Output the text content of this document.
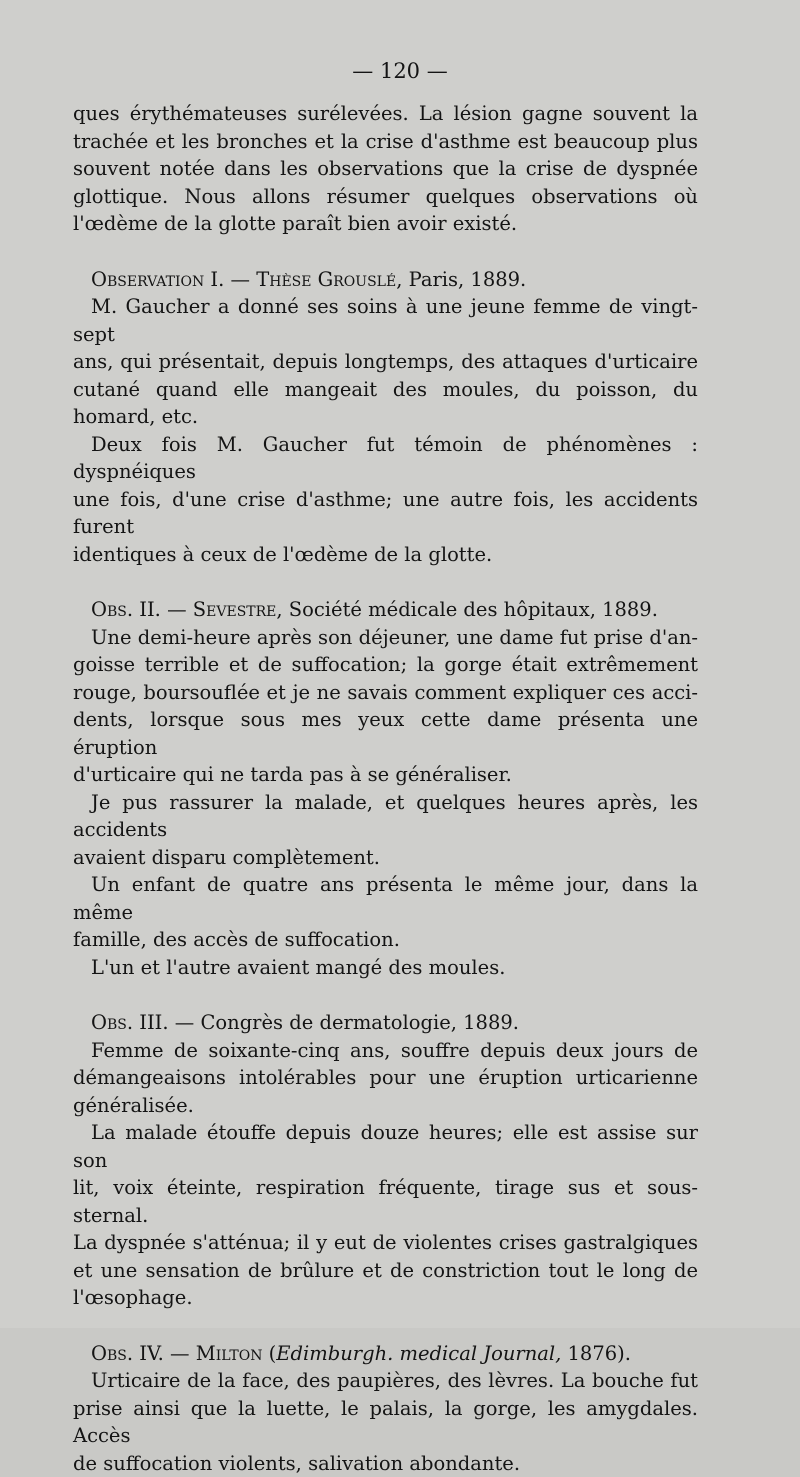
— 120 —

ques érythémateuses surélevées. La lésion gagne souvent la

trachée et les bronches et la crise d'asthme est beaucoup plus

souvent notée dans les observations que la crise de dyspnée

glottique. Nous allons résumer quelques observations où

l'œdème de la glotte paraît bien avoir existé.

Observation I. — Thèse Grouslé, Paris, 1889.

M. Gaucher a donné ses soins à une jeune femme de vingt-sept

ans, qui présentait, depuis longtemps, des attaques d'urticaire

cutané quand elle mangeait des moules, du poisson, du

homard, etc.

Deux fois M. Gaucher fut témoin de phénomènes : dyspnéiques

une fois, d'une crise d'asthme; une autre fois, les accidents furent

identiques à ceux de l'œdème de la glotte.

Obs. II. — Sevestre, Société médicale des hôpitaux, 1889.

Une demi-heure après son déjeuner, une dame fut prise d'an-

goisse terrible et de suffocation; la gorge était extrêmement

rouge, boursouflée et je ne savais comment expliquer ces acci-

dents, lorsque sous mes yeux cette dame présenta une éruption

d'urticaire qui ne tarda pas à se généraliser.

Je pus rassurer la malade, et quelques heures après, les accidents

avaient disparu complètement.

Un enfant de quatre ans présenta le même jour, dans la même

famille, des accès de suffocation.

L'un et l'autre avaient mangé des moules.

Obs. III. — Congrès de dermatologie, 1889.

Femme de soixante-cinq ans, souffre depuis deux jours de

démangeaisons intolérables pour une éruption urticarienne

généralisée.

La malade étouffe depuis douze heures; elle est assise sur son

lit, voix éteinte, respiration fréquente, tirage sus et sous-sternal.

La dyspnée s'atténua; il y eut de violentes crises gastralgiques

et une sensation de brûlure et de constriction tout le long de

l'œsophage.

Obs. IV. — Milton (Edimburgh. medical Journal, 1876).

Urticaire de la face, des paupières, des lèvres. La bouche fut

prise ainsi que la luette, le palais, la gorge, les amygdales. Accès

de suffocation violents, salivation abondante.
